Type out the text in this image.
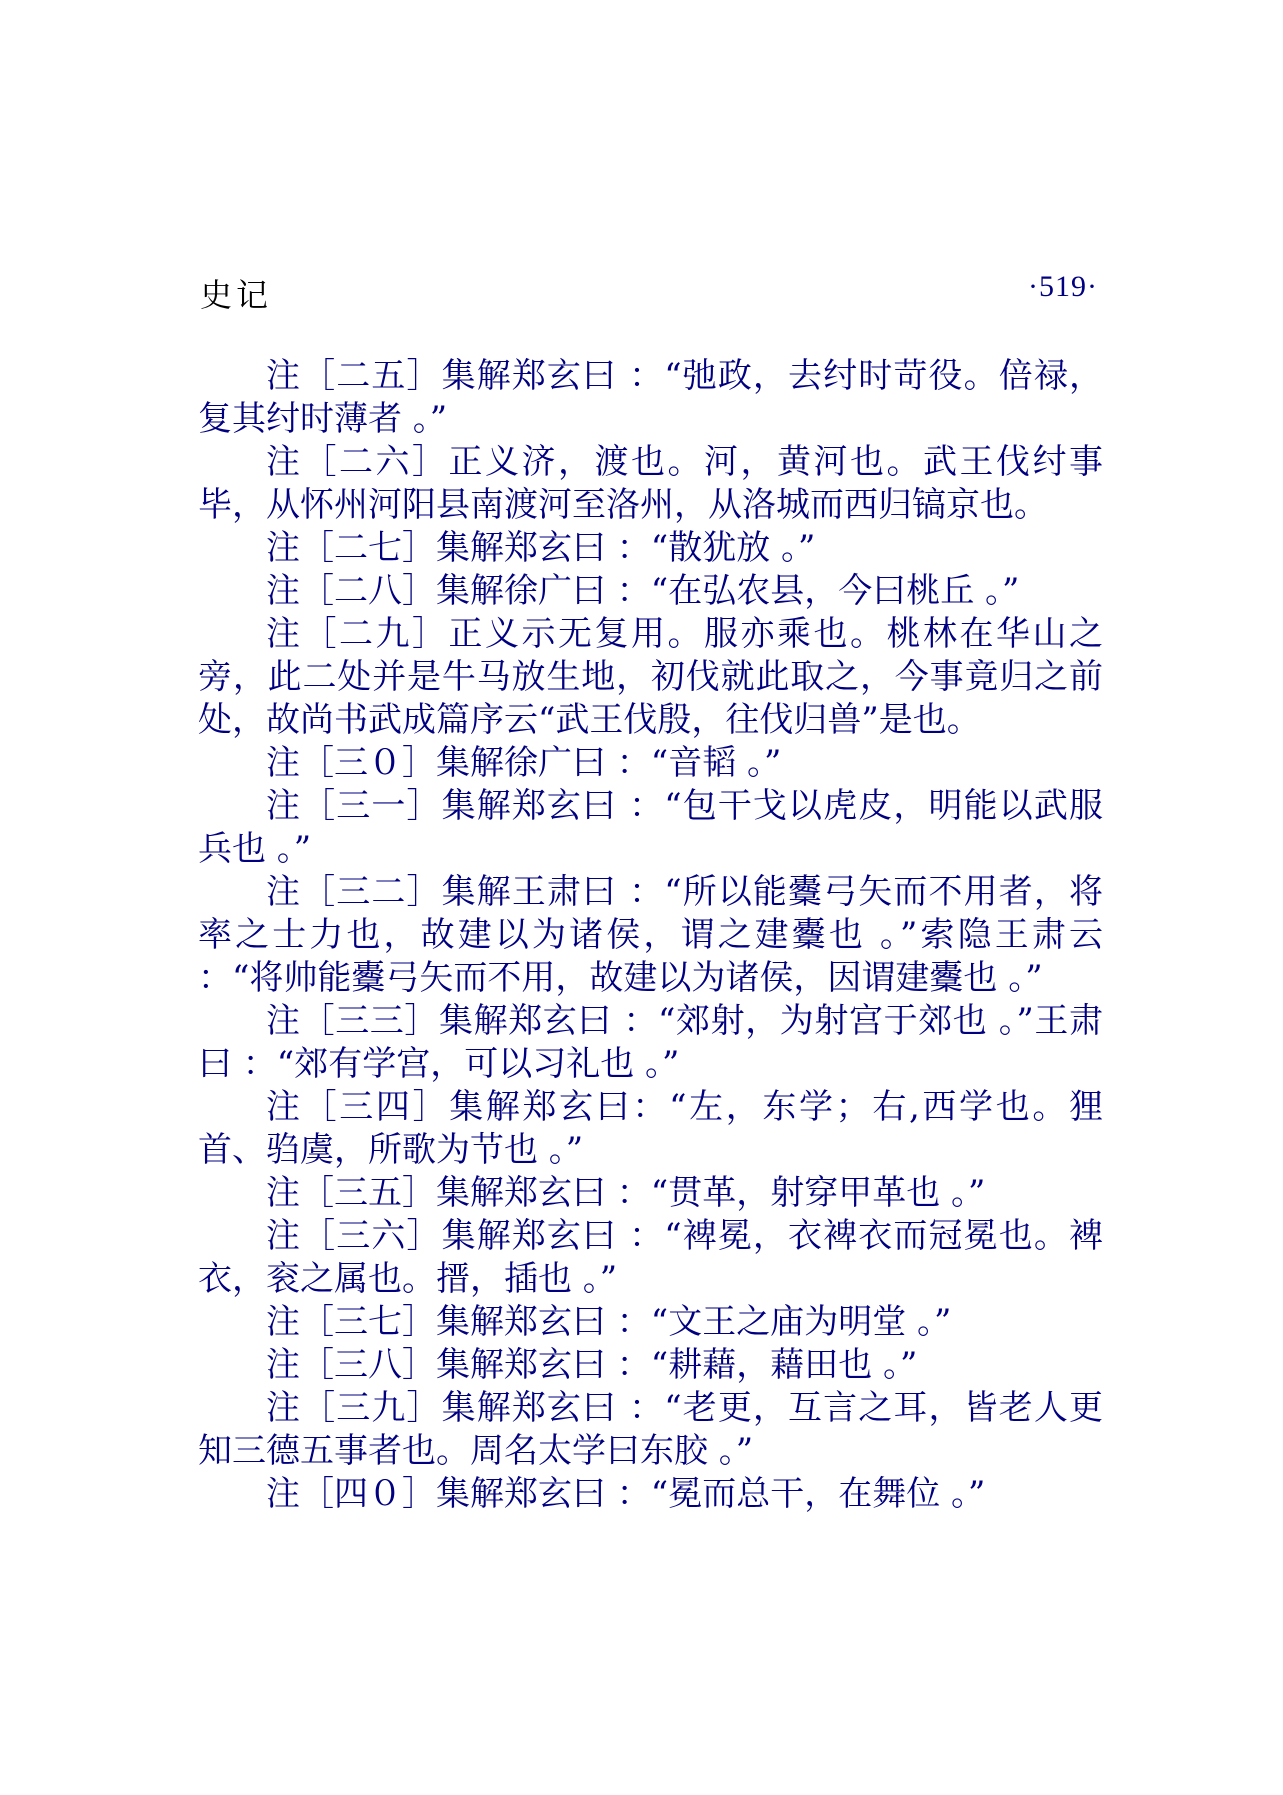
史记	·519·

注［二五］集解郑玄曰 ：“弛政，去纣时苛役。倍禄，复其纣时薄者 。”

注［二六］正义济，渡也。河，黄河也。武王伐纣事毕，从怀州河阳县南渡河至洛州，从洛城而西归镐京也。

注［二七］集解郑玄曰 ：“散犹放 。”

注［二八］集解徐广曰 ：“在弘农县，今曰桃丘 。”

注［二九］正义示无复用。服亦乘也。桃林在华山之旁，此二处并是牛马放生地，初伐就此取之，今事竟归之前处，故尚书武成篇序云“武王伐殷，往伐归兽”是也。

注［三０］集解徐广曰 ：“音韬 。”

注［三一］集解郑玄曰 ：“包干戈以虎皮，明能以武服兵也 。”

注［三二］集解王肃曰 ：“所以能櫜弓矢而不用者，将率之士力也，故建以为诸侯，谓之建櫜也 。”索隐王肃云 ：“将帅能櫜弓矢而不用，故建以为诸侯，因谓建櫜也 。”

注［三三］集解郑玄曰 ：“郊射，为射宫于郊也 。”王肃曰 ：“郊有学宫，可以习礼也 。”

注［三四］集解郑玄曰：“左，东学；右,西学也。狸首、驺虞，所歌为节也 。”

注［三五］集解郑玄曰 ：“贯革，射穿甲革也 。”

注［三六］集解郑玄曰 ：“裨冕，衣裨衣而冠冕也。裨衣，衮之属也。搢，插也 。”

注［三七］集解郑玄曰 ：“文王之庙为明堂 。”

注［三八］集解郑玄曰 ：“耕藉，藉田也 。”

注［三九］集解郑玄曰 ：“老更，互言之耳，皆老人更知三德五事者也。周名太学曰东胶 。”

注［四０］集解郑玄曰 ：“冕而总干，在舞位 。”
